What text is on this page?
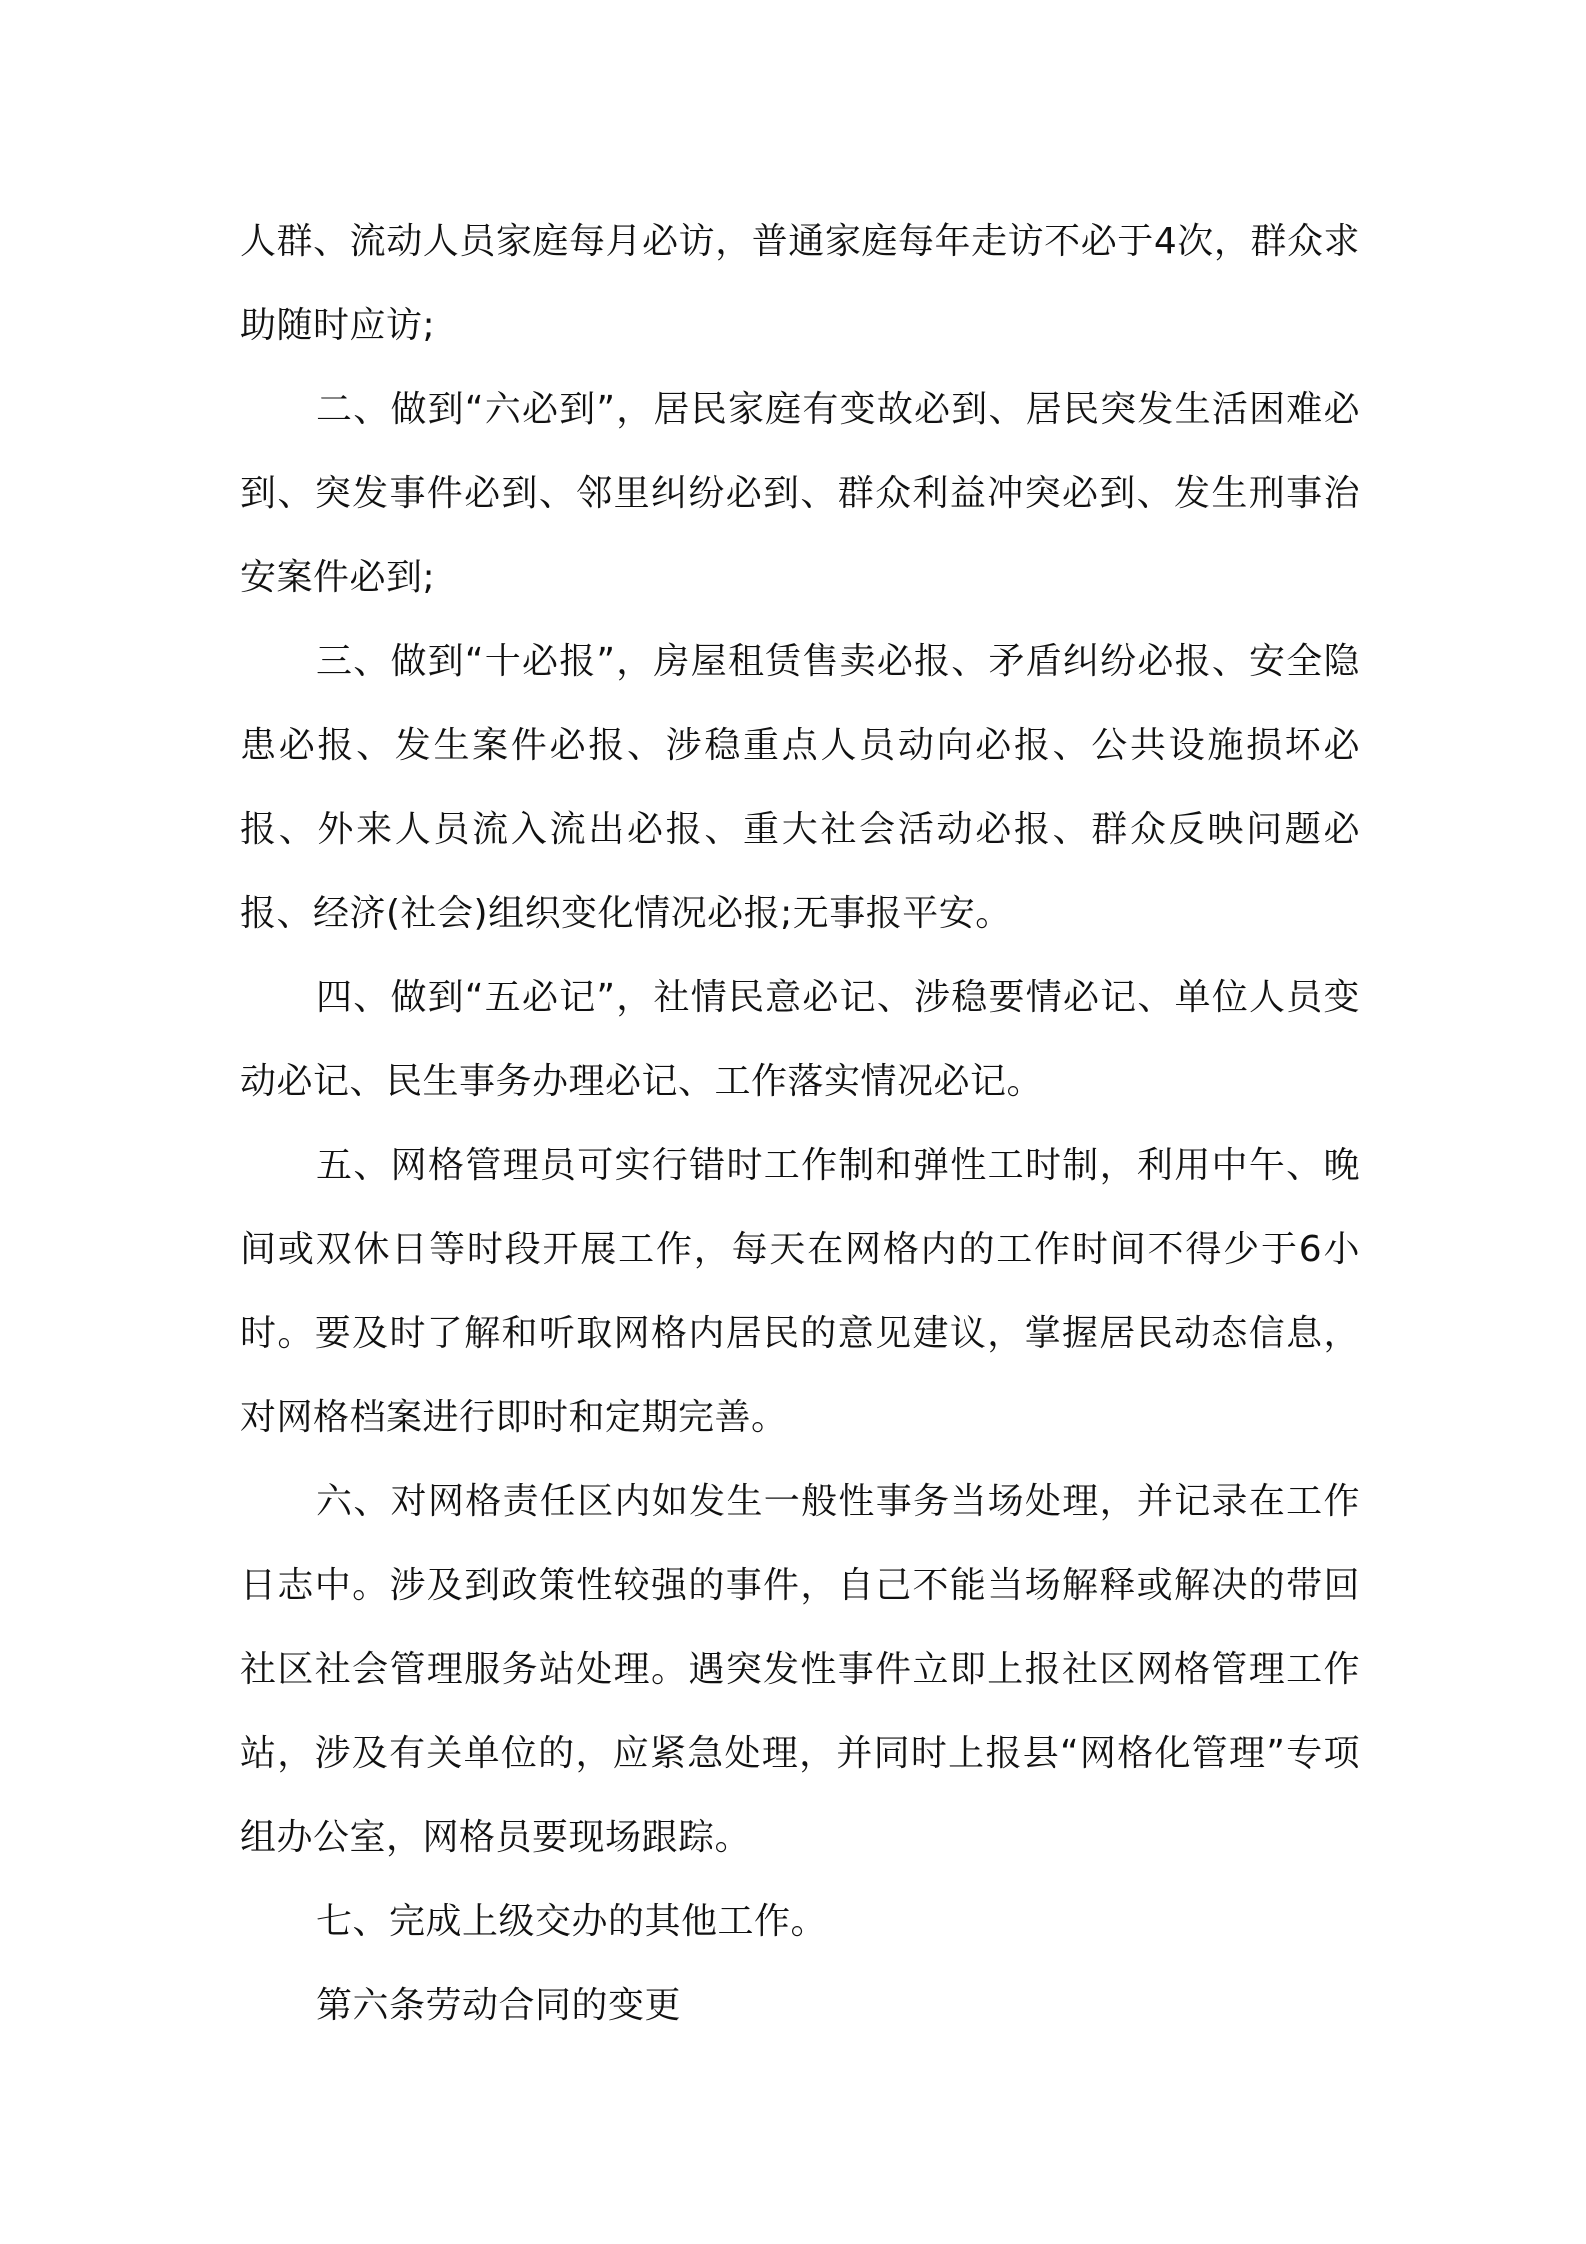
人群、流动人员家庭每月必访，普通家庭每年走访不必于4次，群众求助随时应访;

二、做到“六必到”，居民家庭有变故必到、居民突发生活困难必到、突发事件必到、邻里纠纷必到、群众利益冲突必到、发生刑事治安案件必到;

三、做到“十必报”，房屋租赁售卖必报、矛盾纠纷必报、安全隐患必报、发生案件必报、涉稳重点人员动向必报、公共设施损坏必报、外来人员流入流出必报、重大社会活动必报、群众反映问题必报、经济(社会)组织变化情况必报;无事报平安。

四、做到“五必记”，社情民意必记、涉稳要情必记、单位人员变动必记、民生事务办理必记、工作落实情况必记。

五、网格管理员可实行错时工作制和弹性工时制，利用中午、晚间或双休日等时段开展工作，每天在网格内的工作时间不得少于6小时。要及时了解和听取网格内居民的意见建议，掌握居民动态信息，对网格档案进行即时和定期完善。

六、对网格责任区内如发生一般性事务当场处理，并记录在工作日志中。涉及到政策性较强的事件，自己不能当场解释或解决的带回社区社会管理服务站处理。遇突发性事件立即上报社区网格管理工作站，涉及有关单位的，应紧急处理，并同时上报县“网格化管理”专项组办公室，网格员要现场跟踪。

七、完成上级交办的其他工作。

第六条劳动合同的变更
